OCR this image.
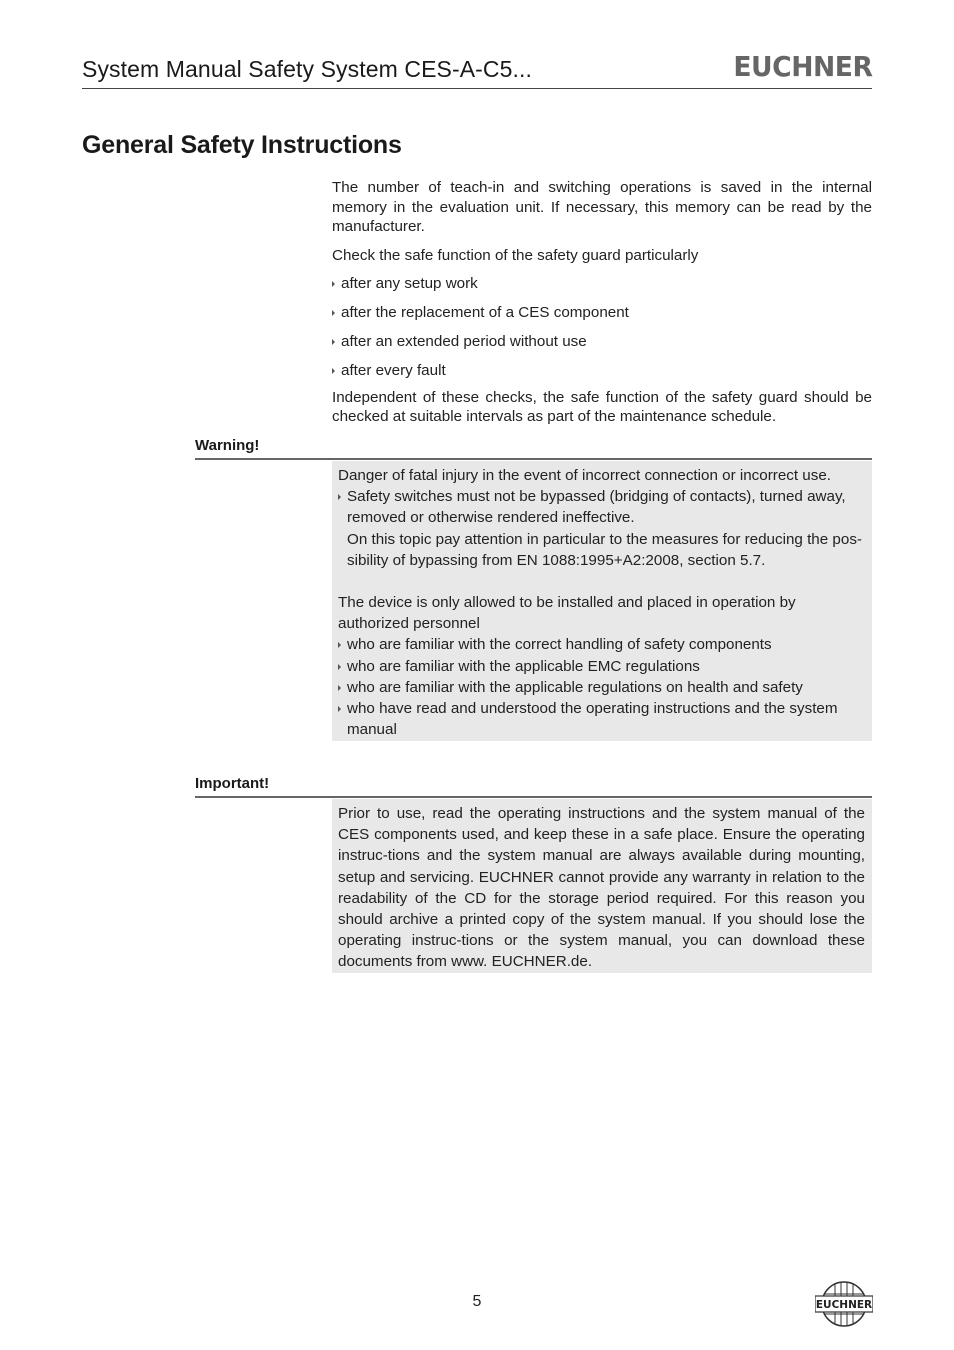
System Manual Safety System CES-A-C5...	EUCHNER
General Safety Instructions

The number of teach-in and switching operations is saved in the internal memory in the evaluation unit. If necessary, this memory can be read by the manufacturer.

Check the safe function of the safety guard particularly

after any setup work
after the replacement of a CES component
after an extended period without use
after every fault

Independent of these checks, the safe function of the safety guard should be checked at suitable intervals as part of the maintenance schedule.

Warning!

Danger of fatal injury in the event of incorrect connection or incorrect use.

Safety switches must not be bypassed (bridging of contacts), turned away, removed or otherwise rendered ineffective.
On this topic pay attention in particular to the measures for reducing the pos-sibility of bypassing from EN 1088:1995+A2:2008, section 5.7.

The device is only allowed to be installed and placed in operation by authorized personnel

who are familiar with the correct handling of safety components
who are familiar with the applicable EMC regulations
who are familiar with the applicable regulations on health and safety
who have read and understood the operating instructions and the system manual
Important!

Prior to use, read the operating instructions and the system manual of the CES components used, and keep these in a safe place. Ensure the operating instruc-tions and the system manual are always available during mounting, setup and servicing. EUCHNER cannot provide any warranty in relation to the readability of the CD for the storage period required. For this reason you should archive a printed copy of the system manual. If you should lose the operating instruc-tions or the system manual, you can download these documents from www. EUCHNER.de.

5	EUCHNER
